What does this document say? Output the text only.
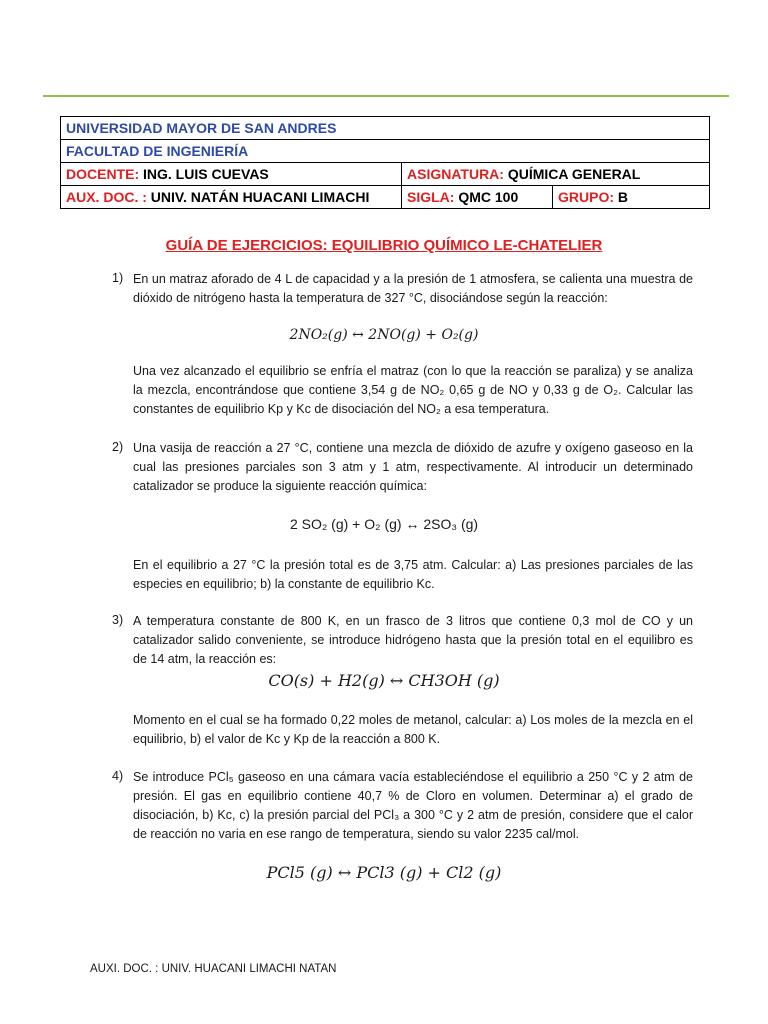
UNIVERSIDAD MAYOR DE SAN ANDRES		
FACULTAD DE INGENIERÍA		
DOCENTE: ING. LUIS CUEVAS	ASIGNATURA: QUÍMICA GENERAL	
AUX. DOC. : UNIV. NATÁN HUACANI LIMACHI	SIGLA: QMC 100	GRUPO: B
GUÍA DE EJERCICIOS: EQUILIBRIO QUÍMICO LE-CHATELIER
1) En un matraz aforado de 4 L de capacidad y a la presión de 1 atmosfera, se calienta una muestra de dióxido de nitrógeno hasta la temperatura de 327 °C, disociándose según la reacción:
2NO₂(g) ↔ 2NO(g) + O₂(g)
Una vez alcanzado el equilibrio se enfría el matraz (con lo que la reacción se paraliza) y se analiza la mezcla, encontrándose que contiene 3,54 g de NO₂ 0,65 g de NO y 0,33 g de O₂. Calcular las constantes de equilibrio Kp y Kc de disociación del NO₂ a esa temperatura.
2) Una vasija de reacción a 27 °C, contiene una mezcla de dióxido de azufre y oxígeno gaseoso en la cual las presiones parciales son 3 atm y 1 atm, respectivamente. Al introducir un determinado catalizador se produce la siguiente reacción química:
2 SO₂ (g) + O₂ (g) ↔ 2SO₃ (g)
En el equilibrio a 27 °C la presión total es de 3,75 atm. Calcular: a) Las presiones parciales de las especies en equilibrio; b) la constante de equilibrio Kc.
3) A temperatura constante de 800 K, en un frasco de 3 litros que contiene 0,3 mol de CO y un catalizador salido conveniente, se introduce hidrógeno hasta que la presión total en el equilibro es de 14 atm, la reacción es:
CO(s) + H2(g) ↔ CH3OH (g)
Momento en el cual se ha formado 0,22 moles de metanol, calcular: a) Los moles de la mezcla en el equilibrio, b) el valor de Kc y Kp de la reacción a 800 K.
4) Se introduce PCl₅ gaseoso en una cámara vacía estableciéndose el equilibrio a 250 °C y 2 atm de presión. El gas en equilibrio contiene 40,7 % de Cloro en volumen. Determinar a) el grado de disociación, b) Kc, c) la presión parcial del PCl₃ a 300 °C y 2 atm de presión, considere que el calor de reacción no varia en ese rango de temperatura, siendo su valor 2235 cal/mol.
PCl5 (g) ↔ PCl3 (g) + Cl2 (g)
AUXI. DOC. : UNIV. HUACANI LIMACHI NATAN
